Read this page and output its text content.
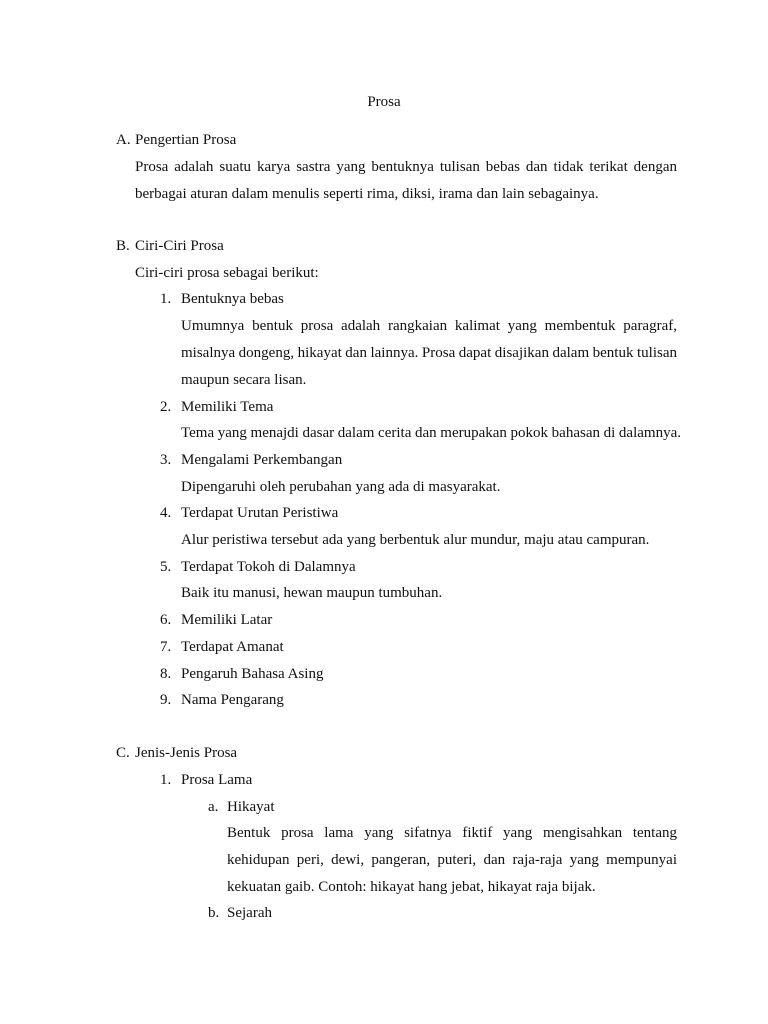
Prosa
A. Pengertian Prosa
Prosa adalah suatu karya sastra yang bentuknya tulisan bebas dan tidak terikat dengan
berbagai aturan dalam menulis seperti rima, diksi, irama dan lain sebagainya.
B. Ciri-Ciri Prosa
Ciri-ciri prosa sebagai berikut:
1. Bentuknya bebas
Umumnya bentuk prosa adalah rangkaian kalimat yang membentuk paragraf,
misalnya dongeng, hikayat dan lainnya. Prosa dapat disajikan dalam bentuk tulisan
maupun secara lisan.
2. Memiliki Tema
Tema yang menajdi dasar dalam cerita dan merupakan pokok bahasan di dalamnya.
3. Mengalami Perkembangan
Dipengaruhi oleh perubahan yang ada di masyarakat.
4. Terdapat Urutan Peristiwa
Alur peristiwa tersebut ada yang berbentuk alur mundur, maju atau campuran.
5. Terdapat Tokoh di Dalamnya
Baik itu manusi, hewan maupun tumbuhan.
6. Memiliki Latar
7. Terdapat Amanat
8. Pengaruh Bahasa Asing
9. Nama Pengarang
C. Jenis-Jenis Prosa
1. Prosa Lama
a. Hikayat
Bentuk prosa lama yang sifatnya fiktif yang mengisahkan tentang
kehidupan peri, dewi, pangeran, puteri, dan raja-raja yang mempunyai
kekuatan gaib. Contoh: hikayat hang jebat, hikayat raja bijak.
b. Sejarah
